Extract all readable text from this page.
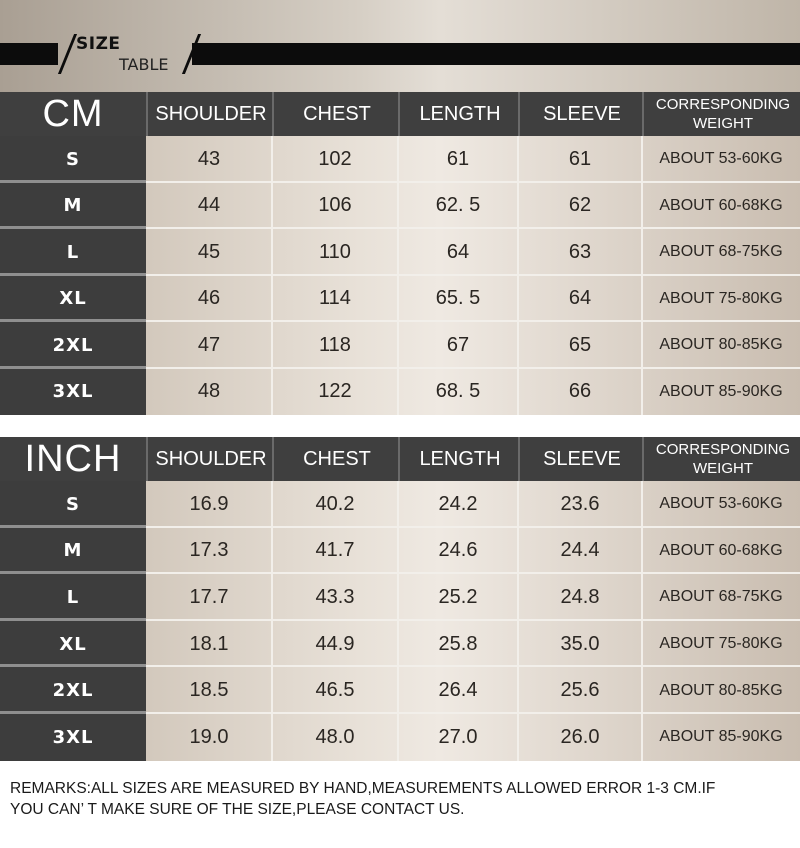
SIZE
TABLE
CM	SHOULDER	CHEST	LENGTH	SLEEVE	CORRESPONDING
WEIGHT
S	43	102	61	61	ABOUT 53-60KG
M	44	106	62. 5	62	ABOUT 60-68KG
L	45	110	64	63	ABOUT 68-75KG
XL	46	114	65. 5	64	ABOUT 75-80KG
2XL	47	118	67	65	ABOUT 80-85KG
3XL	48	122	68. 5	66	ABOUT 85-90KG
INCH	SHOULDER	CHEST	LENGTH	SLEEVE	CORRESPONDING
WEIGHT
S	16.9	40.2	24.2	23.6	ABOUT 53-60KG
M	17.3	41.7	24.6	24.4	ABOUT 60-68KG
L	17.7	43.3	25.2	24.8	ABOUT 68-75KG
XL	18.1	44.9	25.8	35.0	ABOUT 75-80KG
2XL	18.5	46.5	26.4	25.6	ABOUT 80-85KG
3XL	19.0	48.0	27.0	26.0	ABOUT 85-90KG
REMARKS:ALL SIZES ARE MEASURED BY HAND,MEASUREMENTS ALLOWED ERROR 1-3 CM.IF
YOU CAN’ T MAKE SURE OF THE SIZE,PLEASE CONTACT US.
